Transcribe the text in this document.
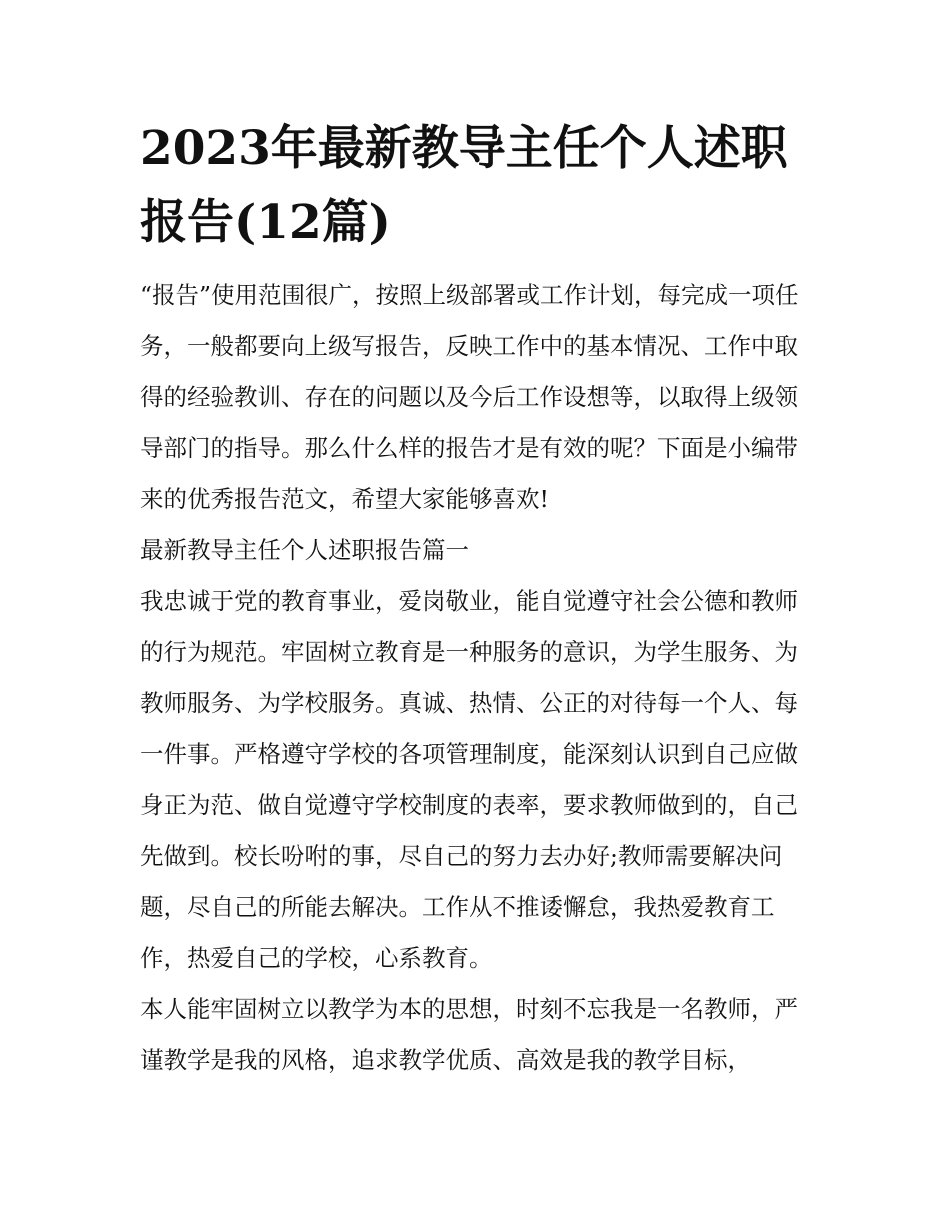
2023年最新教导主任个人述职报告(12篇)

“报告”使用范围很广，按照上级部署或工作计划，每完成一项任务，一般都要向上级写报告，反映工作中的基本情况、工作中取得的经验教训、存在的问题以及今后工作设想等，以取得上级领导部门的指导。那么什么样的报告才是有效的呢？下面是小编带来的优秀报告范文，希望大家能够喜欢!

最新教导主任个人述职报告篇一

我忠诚于党的教育事业，爱岗敬业，能自觉遵守社会公德和教师的行为规范。牢固树立教育是一种服务的意识，为学生服务、为教师服务、为学校服务。真诚、热情、公正的对待每一个人、每一件事。严格遵守学校的各项管理制度，能深刻认识到自己应做身正为范、做自觉遵守学校制度的表率，要求教师做到的，自己先做到。校长吩咐的事，尽自己的努力去办好;教师需要解决问题，尽自己的所能去解决。工作从不推诿懈怠，我热爱教育工作，热爱自己的学校，心系教育。

本人能牢固树立以教学为本的思想，时刻不忘我是一名教师，严谨教学是我的风格，追求教学优质、高效是我的教学目标，
